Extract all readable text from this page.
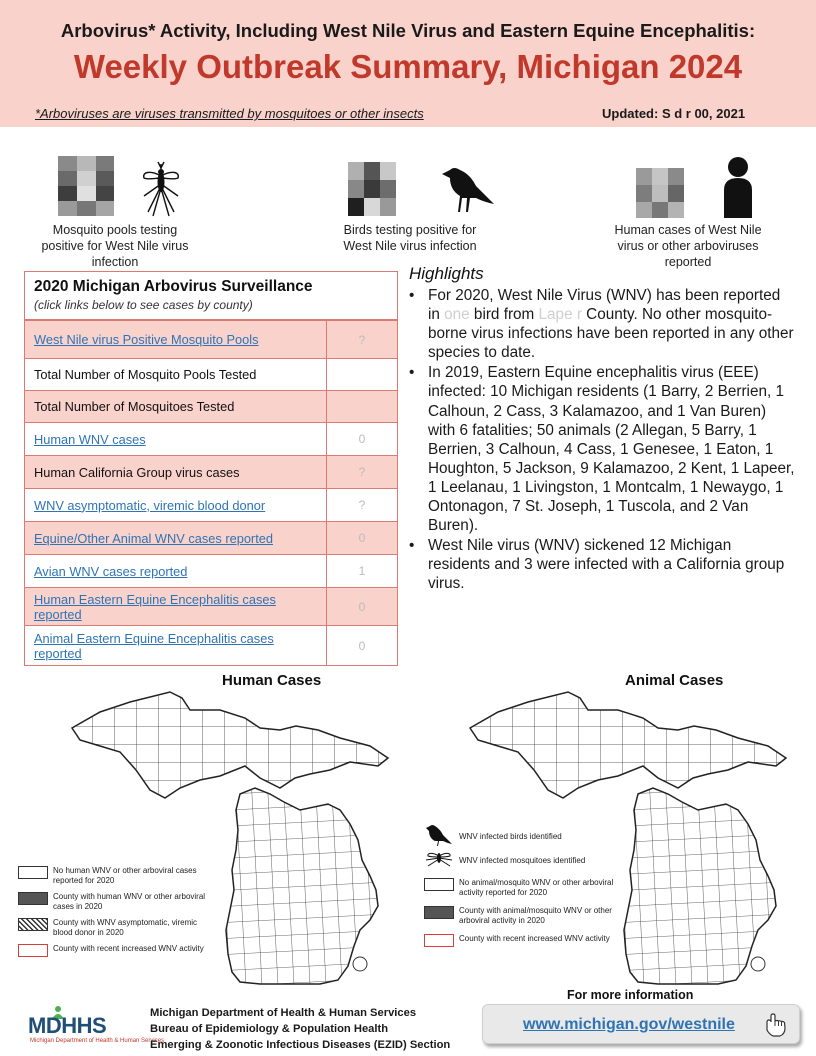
Arbovirus* Activity, Including West Nile Virus and Eastern Equine Encephalitis:
Weekly Outbreak Summary, Michigan 2024
*Arboviruses are viruses transmitted by mosquitoes or other insects	Updated: S d r 00, 2021
Mosquito pools testing positive for West Nile virus infection
Birds testing positive for West Nile virus infection
Human cases of West Nile virus or other arboviruses reported
2020 Michigan Arbovirus Surveillance
(click links below to see cases by county)
West Nile virus Positive Mosquito Pools	?
Total Number of Mosquito Pools Tested
Total Number of Mosquitoes Tested
Human WNV cases	0
Human California Group virus cases	?
WNV asymptomatic, viremic blood donor	?
Equine/Other Animal WNV cases reported	0
Avian WNV cases reported	1
Human Eastern Equine Encephalitis cases reported	0
Animal Eastern Equine Encephalitis cases reported	0
Highlights
• For 2020, West Nile Virus (WNV) has been reported in one bird from Lape r County. No other mosquito-borne virus infections have been reported in any other species to date.
• In 2019, Eastern Equine encephalitis virus (EEE) infected: 10 Michigan residents (1 Barry, 2 Berrien, 1 Calhoun, 2 Cass, 3 Kalamazoo, and 1 Van Buren) with 6 fatalities; 50 animals (2 Allegan, 5 Barry, 1 Berrien, 3 Calhoun, 4 Cass, 1 Genesee, 1 Eaton, 1 Houghton, 5 Jackson, 9 Kalamazoo, 2 Kent, 1 Lapeer, 1 Leelanau, 1 Livingston, 1 Montcalm, 1 Newaygo, 1 Ontonagon, 7 St. Joseph, 1 Tuscola, and 2 Van Buren).
• West Nile virus (WNV) sickened 12 Michigan residents and 3 were infected with a California group virus.
Human Cases
No human WNV or other arboviral cases reported for 2020
County with human WNV or other arboviral cases in 2020
County with WNV asymptomatic, viremic blood donor in 2020
County with recent increased WNV activity
Animal Cases
WNV infected birds identified
WNV infected mosquitoes identified
No animal/mosquito WNV or other arboviral activity reported for 2020
County with animal/mosquito WNV or other arboviral activity in 2020
County with recent increased WNV activity
MDHHS
Michigan Department of Health & Human Services
Michigan Department of Health & Human Services
Bureau of Epidemiology & Population Health
Emerging & Zoonotic Infectious Diseases (EZID) Section
For more information
www.michigan.gov/westnile
